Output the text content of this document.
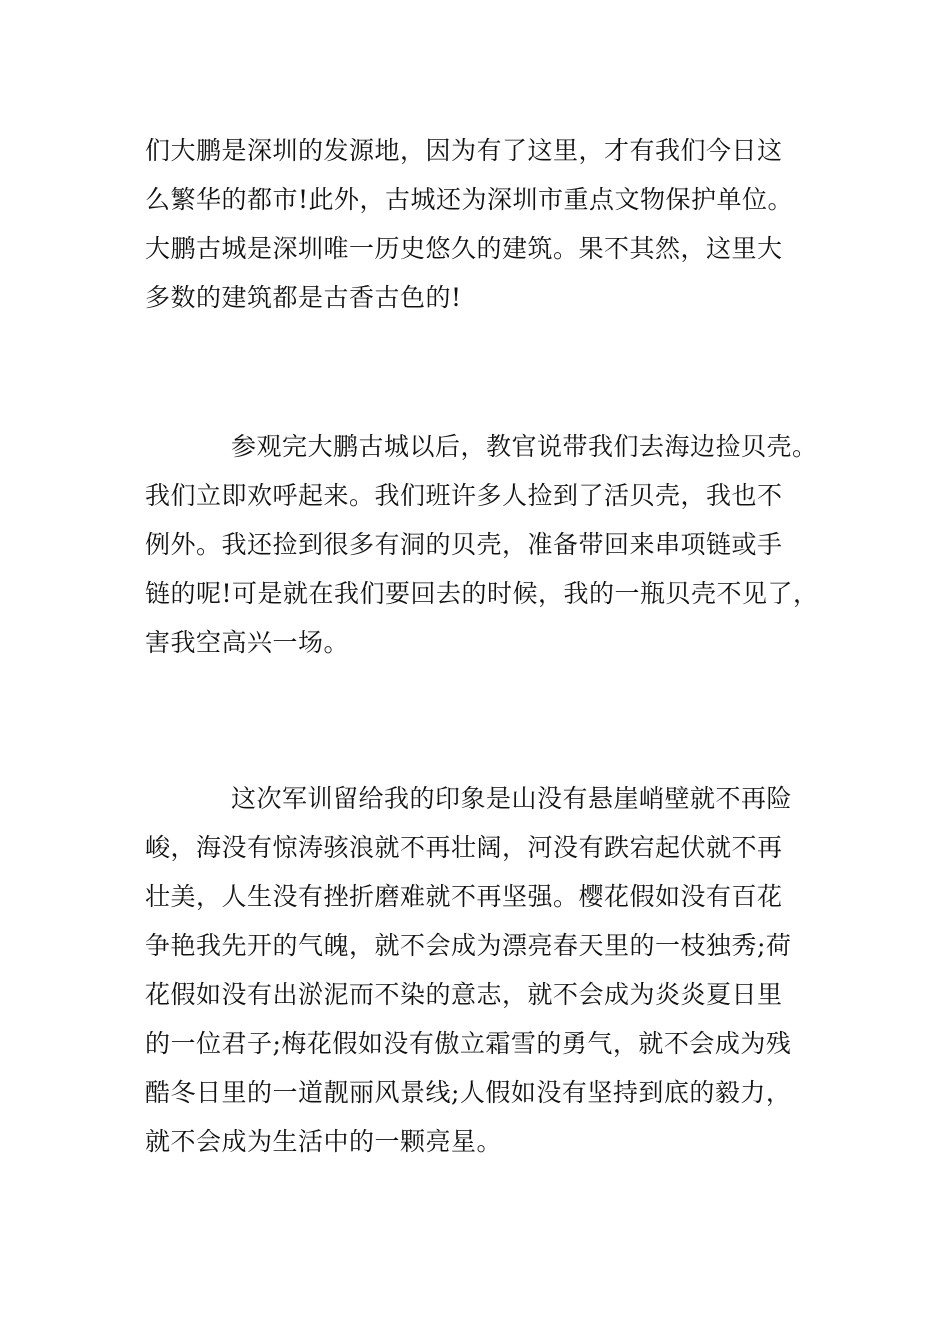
们大鹏是深圳的发源地，因为有了这里，才有我们今日这
么繁华的都市!此外，古城还为深圳市重点文物保护单位。
大鹏古城是深圳唯一历史悠久的建筑。果不其然，这里大
多数的建筑都是古香古色的!
参观完大鹏古城以后，教官说带我们去海边捡贝壳。
我们立即欢呼起来。我们班许多人捡到了活贝壳，我也不
例外。我还捡到很多有洞的贝壳，准备带回来串项链或手
链的呢!可是就在我们要回去的时候，我的一瓶贝壳不见了，
害我空高兴一场。
这次军训留给我的印象是山没有悬崖峭壁就不再险
峻，海没有惊涛骇浪就不再壮阔，河没有跌宕起伏就不再
壮美，人生没有挫折磨难就不再坚强。樱花假如没有百花
争艳我先开的气魄，就不会成为漂亮春天里的一枝独秀;荷
花假如没有出淤泥而不染的意志，就不会成为炎炎夏日里
的一位君子;梅花假如没有傲立霜雪的勇气，就不会成为残
酷冬日里的一道靓丽风景线;人假如没有坚持到底的毅力，
就不会成为生活中的一颗亮星。
